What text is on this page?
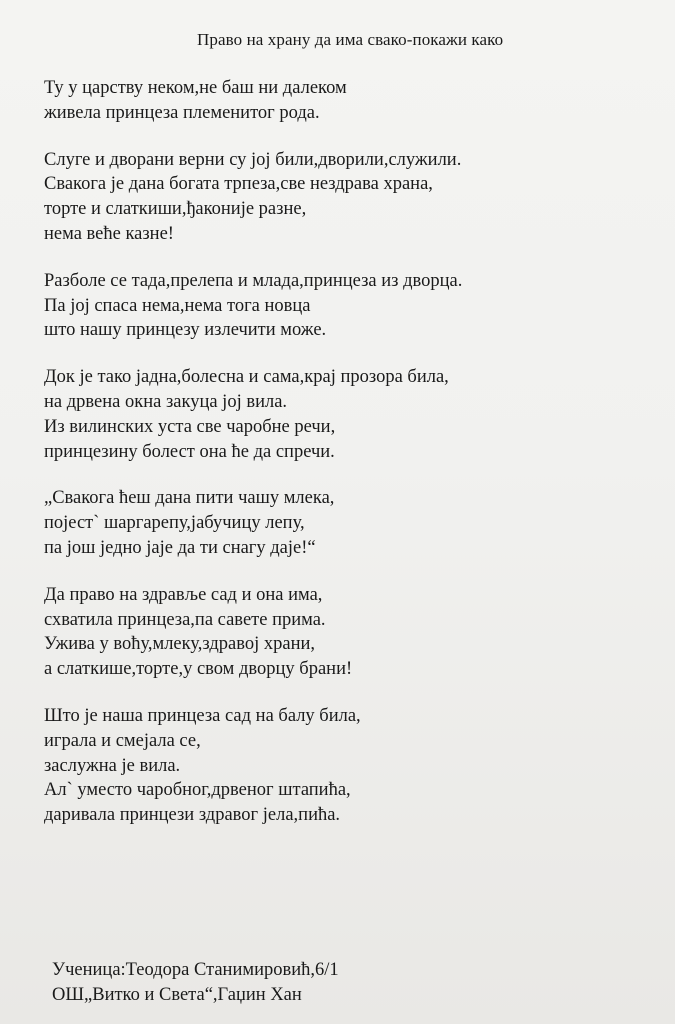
Право на храну да има свако-покажи како
Ту у царству неком,не баш ни далеком
живела принцеза племенитог рода.
Слуге и дворани верни су јој били,дворили,служили.
Свакога је дана богата трпеза,све нездрава храна,
торте и слаткиши,ђаконије разне,
нема веће казне!
Разболе се тада,прелепа и млада,принцеза из дворца.
Па јој спаса нема,нема тога новца
што нашу принцезу излечити може.
Док је тако јадна,болесна и сама,крај прозора била,
на дрвена окна закуца јој вила.
Из вилинских уста све чаробне речи,
принцезину болест она ће да спречи.
„Свакога ћеш дана пити чашу млека,
појест` шаргарепу,јабучицу лепу,
па још једно јаје да ти снагу даје!“
Да право на здравље сад и она има,
схватила принцеза,па савете прима.
Ужива у воћу,млеку,здравој храни,
а слаткише,торте,у свом дворцу брани!
Што је наша принцеза сад на балу била,
играла и смејала се,
заслужна је вила.
Ал` уместо чаробног,дрвеног штапића,
даривала принцези здравог јела,пића.
Ученица:Теодора Станимировић,6/1
ОШ„Витко и Света“,Гаџин Хан
